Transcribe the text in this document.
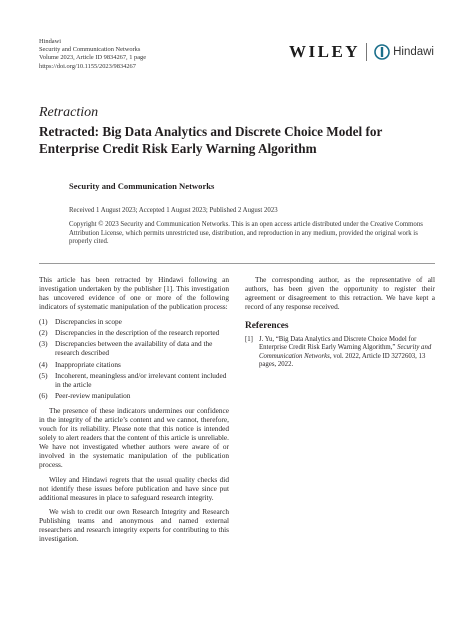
Hindawi
Security and Communication Networks
Volume 2023, Article ID 9834267, 1 page
https://doi.org/10.1155/2023/9834267
WILEY	Hindawi
Retraction
Retracted: Big Data Analytics and Discrete Choice Model for Enterprise Credit Risk Early Warning Algorithm
Security and Communication Networks
Received 1 August 2023; Accepted 1 August 2023; Published 2 August 2023
Copyright © 2023 Security and Communication Networks. This is an open access article distributed under the Creative Commons Attribution License, which permits unrestricted use, distribution, and reproduction in any medium, provided the original work is properly cited.

This article has been retracted by Hindawi following an investigation undertaken by the publisher [1]. This investigation has uncovered evidence of one or more of the following indicators of systematic manipulation of the publication process:

(1)	Discrepancies in scope
(2)	Discrepancies in the description of the research reported
(3)	Discrepancies between the availability of data and the research described
(4)	Inappropriate citations
(5)	Incoherent, meaningless and/or irrelevant content included in the article
(6)	Peer-review manipulation

The presence of these indicators undermines our confidence in the integrity of the article’s content and we cannot, therefore, vouch for its reliability. Please note that this notice is intended solely to alert readers that the content of this article is unreliable. We have not investigated whether authors were aware of or involved in the systematic manipulation of the publication process.

Wiley and Hindawi regrets that the usual quality checks did not identify these issues before publication and have since put additional measures in place to safeguard research integrity.

We wish to credit our own Research Integrity and Research Publishing teams and anonymous and named external researchers and research integrity experts for contributing to this investigation.

The corresponding author, as the representative of all authors, has been given the opportunity to register their agreement or disagreement to this retraction. We have kept a record of any response received.

References
[1] J. Yu, “Big Data Analytics and Discrete Choice Model for Enterprise Credit Risk Early Warning Algorithm,” Security and Communication Networks, vol. 2022, Article ID 3272603, 13 pages, 2022.
